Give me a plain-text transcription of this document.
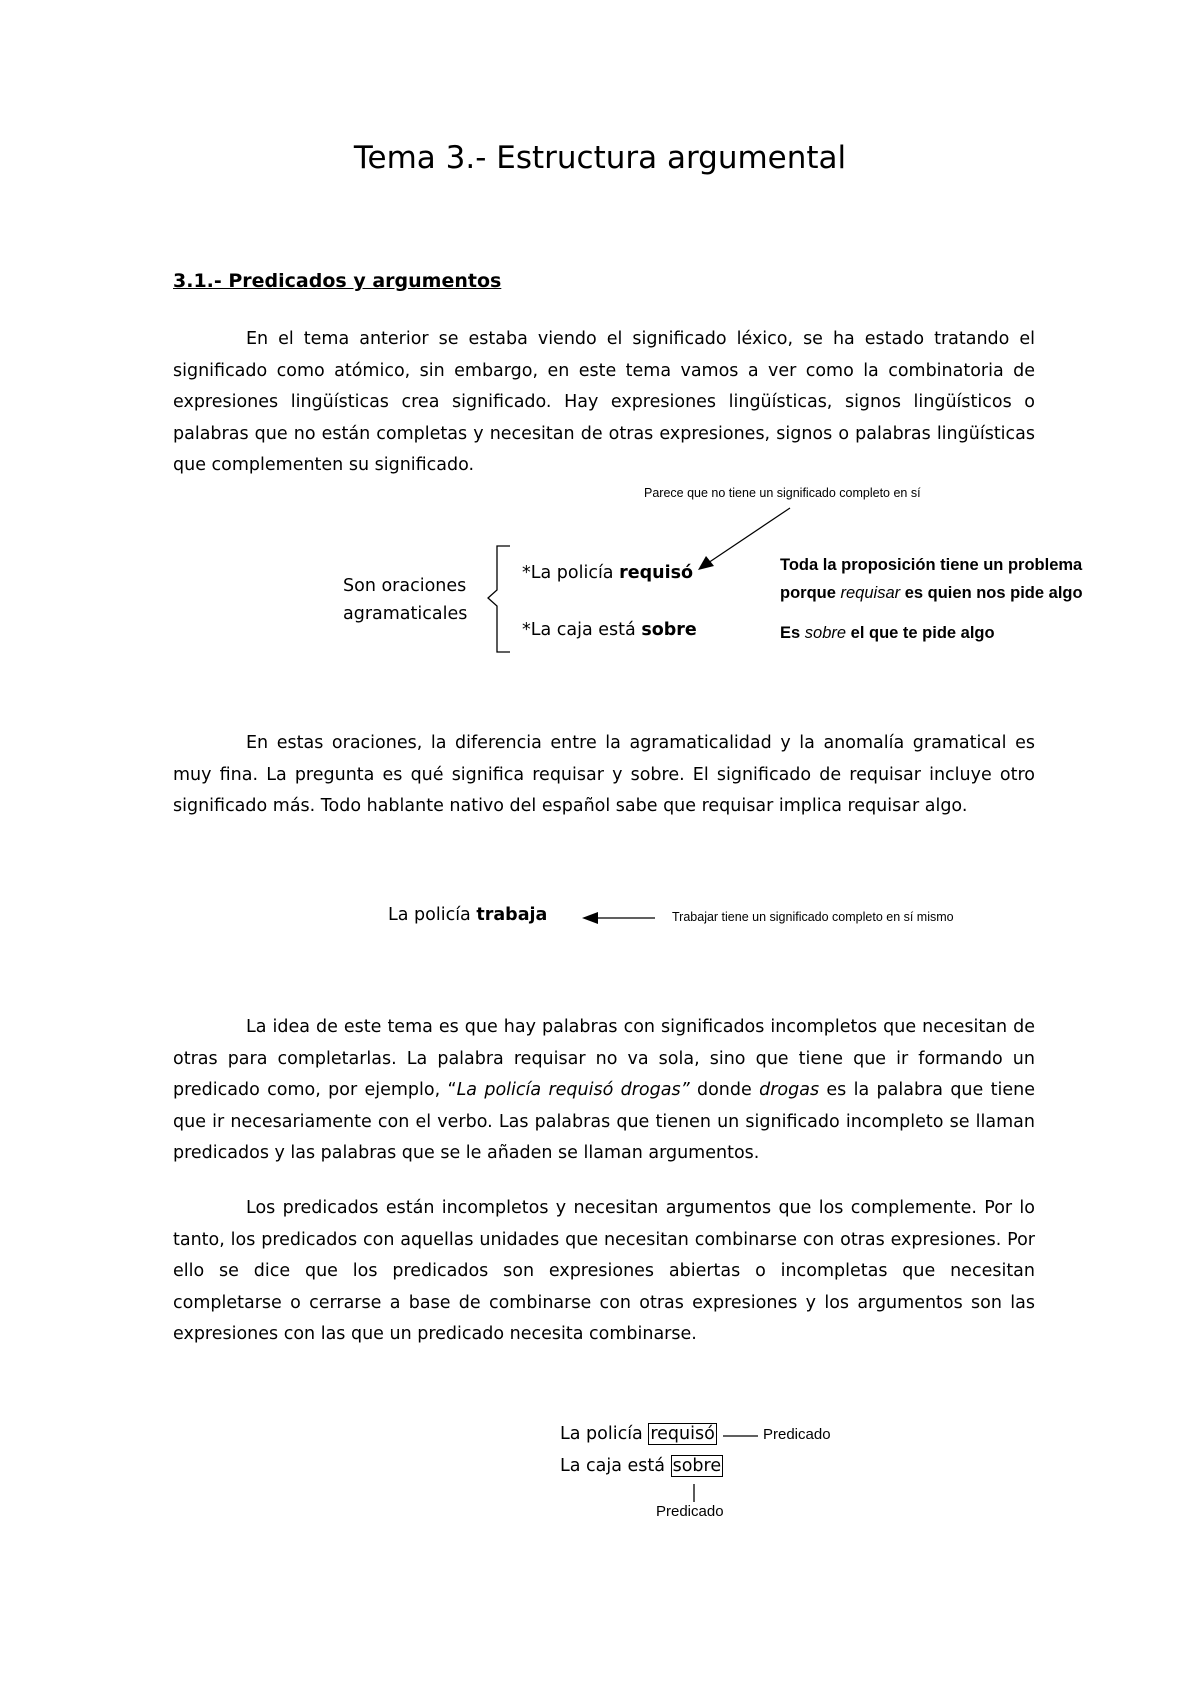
Tema 3.- Estructura argumental
3.1.- Predicados y argumentos

En el tema anterior se estaba viendo el significado léxico, se ha estado tratando el significado como atómico, sin embargo, en este tema vamos a ver como la combinatoria de expresiones lingüísticas crea significado. Hay expresiones lingüísticas, signos lingüísticos o palabras que no están completas y necesitan de otras expresiones, signos o palabras lingüísticas que complementen su significado.

Parece que no tiene un significado completo en sí
Son oraciones
agramaticales
*La policía requisó
*La caja está sobre
Toda la proposición tiene un problema
porque requisar es quien nos pide algo
Es sobre el que te pide algo

En estas oraciones, la diferencia entre la agramaticalidad y la anomalía gramatical es muy fina. La pregunta es qué significa requisar y sobre. El significado de requisar incluye otro significado más. Todo hablante nativo del español sabe que requisar implica requisar algo.

La policía trabaja	Trabajar tiene un significado completo en sí mismo

La idea de este tema es que hay palabras con significados incompletos que necesitan de otras para completarlas. La palabra requisar no va sola, sino que tiene que ir formando un predicado como, por ejemplo, “La policía requisó drogas” donde drogas es la palabra que tiene que ir necesariamente con el verbo. Las palabras que tienen un significado incompleto se llaman predicados y las palabras que se le añaden se llaman argumentos.

Los predicados están incompletos y necesitan argumentos que los complemente. Por lo tanto, los predicados con aquellas unidades que necesitan combinarse con otras expresiones. Por ello se dice que los predicados son expresiones abiertas o incompletas que necesitan completarse o cerrarse a base de combinarse con otras expresiones y los argumentos son las expresiones con las que un predicado necesita combinarse.

La policía requisó	Predicado
La caja está sobre
Predicado
